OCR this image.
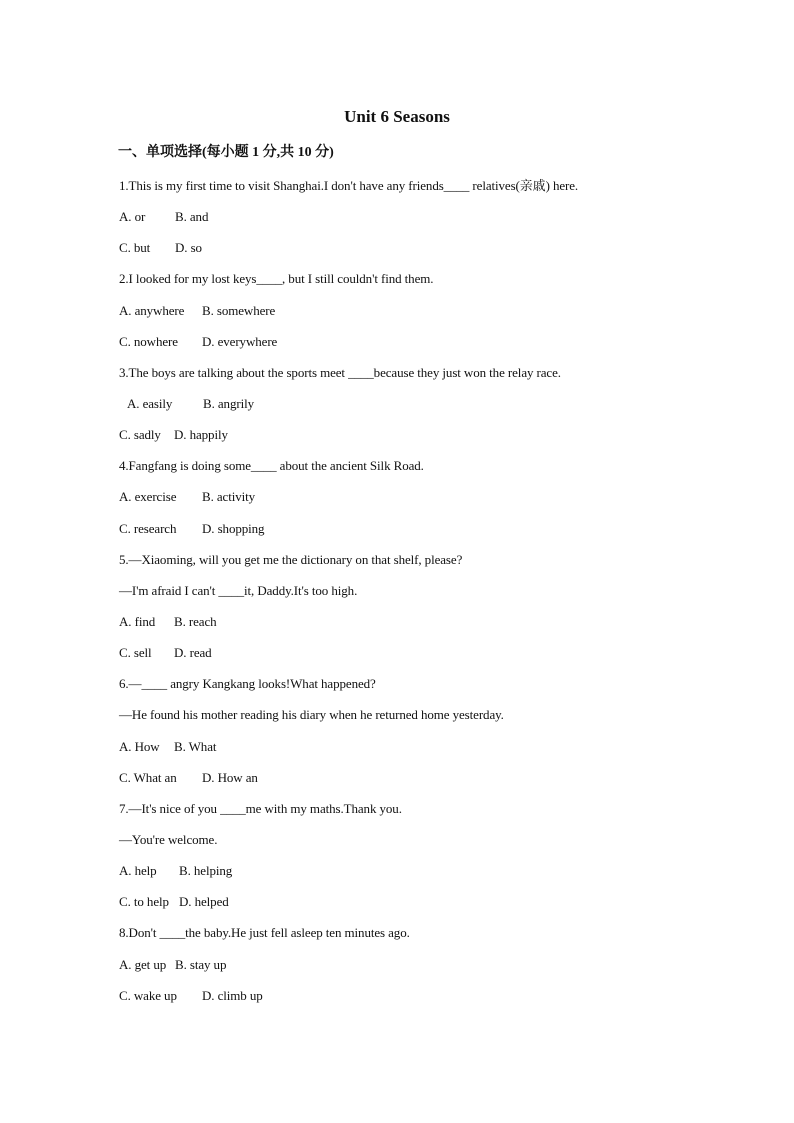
Unit 6 Seasons
一、单项选择(每小题 1 分,共 10 分)
1.This is my first time to visit Shanghai.I don't have any friends____ relatives(亲戚) here.
A. or B. and
C. but D. so
2.I looked for my lost keys____, but I still couldn't find them.
A. anywhere B. somewhere
C. nowhere D. everywhere
3.The boys are talking about the sports meet ____because they just won the relay race.
A. easily B. angrily
C. sadly D. happily
4.Fangfang is doing some____ about the ancient Silk Road.
A. exercise B. activity
C. research D. shopping
5.—Xiaoming, will you get me the dictionary on that shelf, please?
—I'm afraid I can't ____it, Daddy.It's too high.
A. find B. reach
C. sell D. read
6.—____ angry Kangkang looks!What happened?
—He found his mother reading his diary when he returned home yesterday.
A. How B. What
C. What an D. How an
7.—It's nice of you ____me with my maths.Thank you.
—You're welcome.
A. help B. helping
C. to help D. helped
8.Don't ____the baby.He just fell asleep ten minutes ago.
A. get up B. stay up
C. wake up D. climb up
